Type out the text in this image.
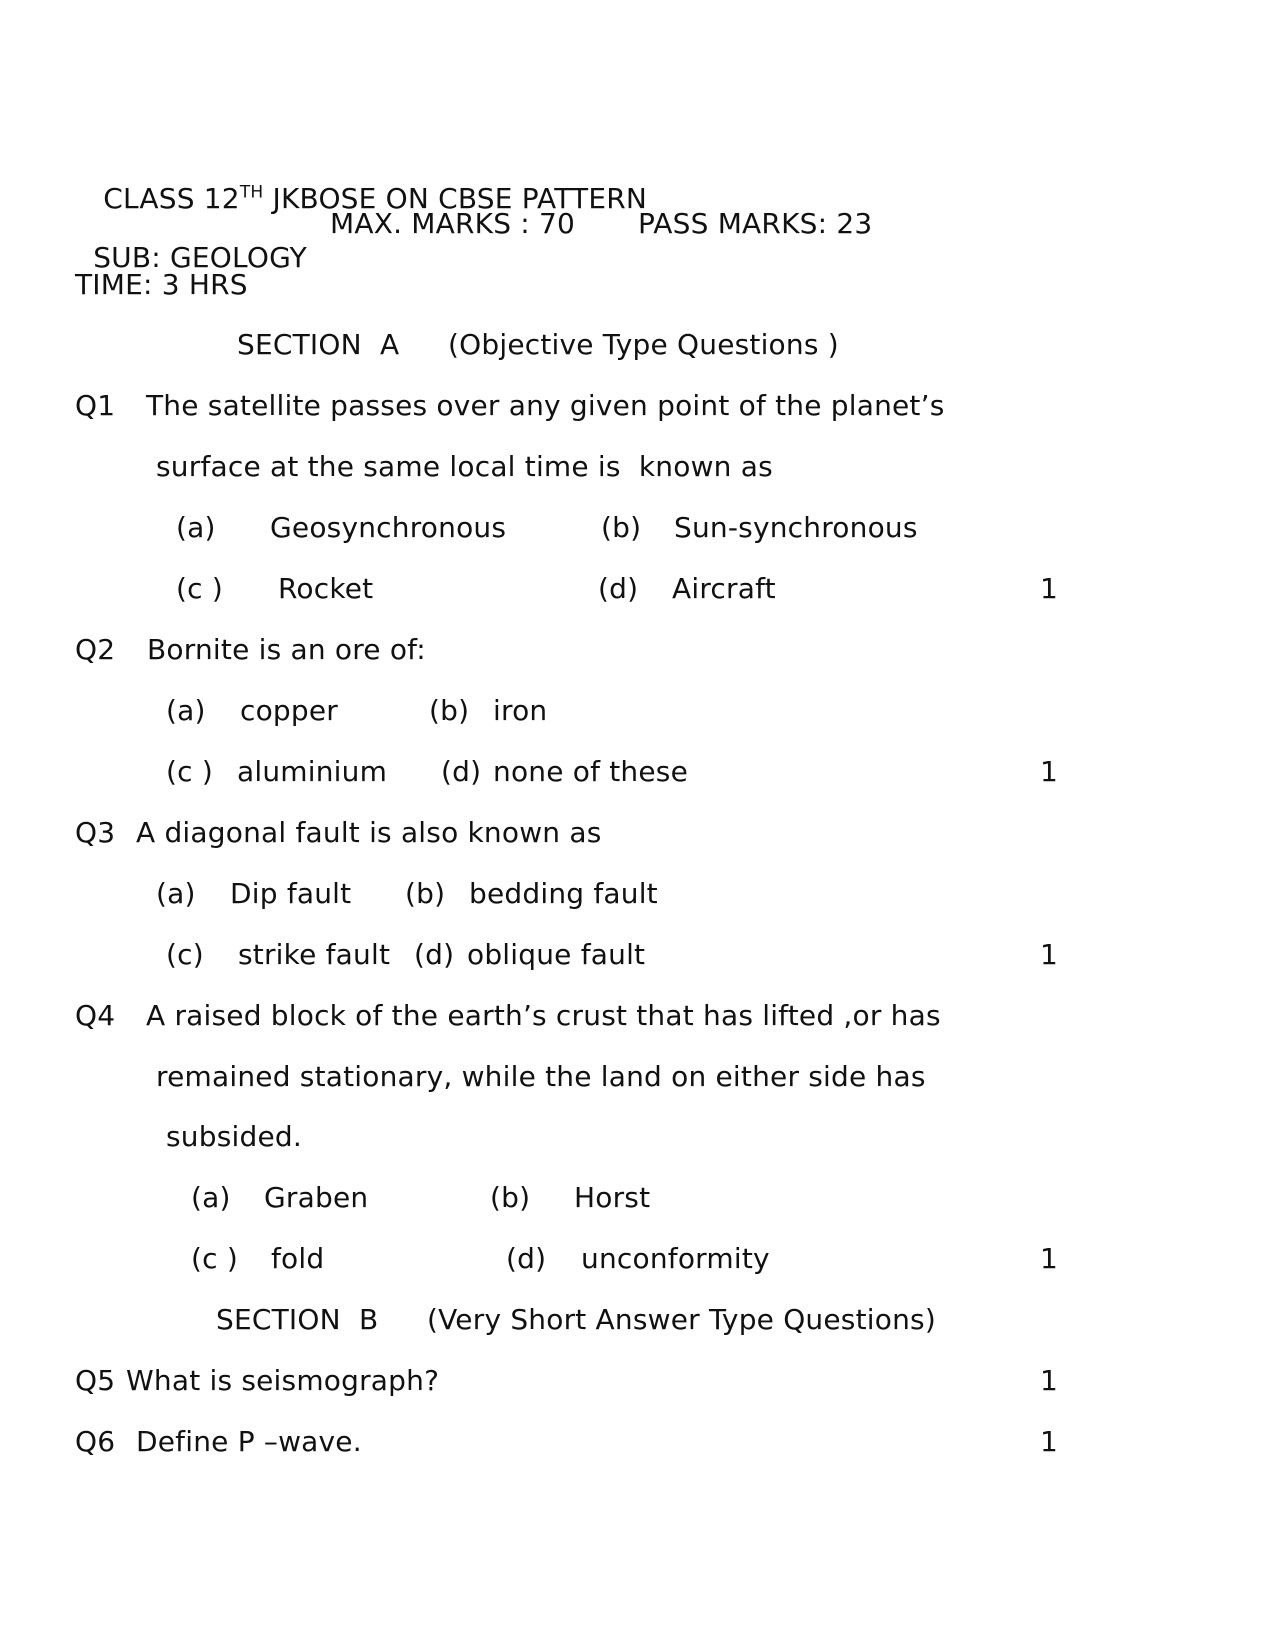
CLASS 12TH JKBOSE ON CBSE PATTERN

SUB: GEOLOGY

MAX. MARKS : 70 PASS MARKS: 23
TIME: 3 HRS
SECTION  A (Objective Type Questions )
Q1 The satellite passes over any given point of the planet’s
surface at the same local time is  known as
(a) Geosynchronous	(b) Sun-synchronous
(c ) Rocket	(d) Aircraft	1
Q2 Bornite is an ore of:
(a) copper	(b) iron
(c ) aluminium (d) none of these	1
Q3 A diagonal fault is also known as
(a) Dip fault (b) bedding fault
(c) strike fault (d) oblique fault	1
Q4 A raised block of the earth’s crust that has lifted ,or has
remained stationary, while the land on either side has
subsided.
(a) Graben	(b) Horst
(c ) fold	(d) unconformity	1
SECTION  B (Very Short Answer Type Questions)
Q5 What is seismograph?	1
Q6 Define P –wave.	1
